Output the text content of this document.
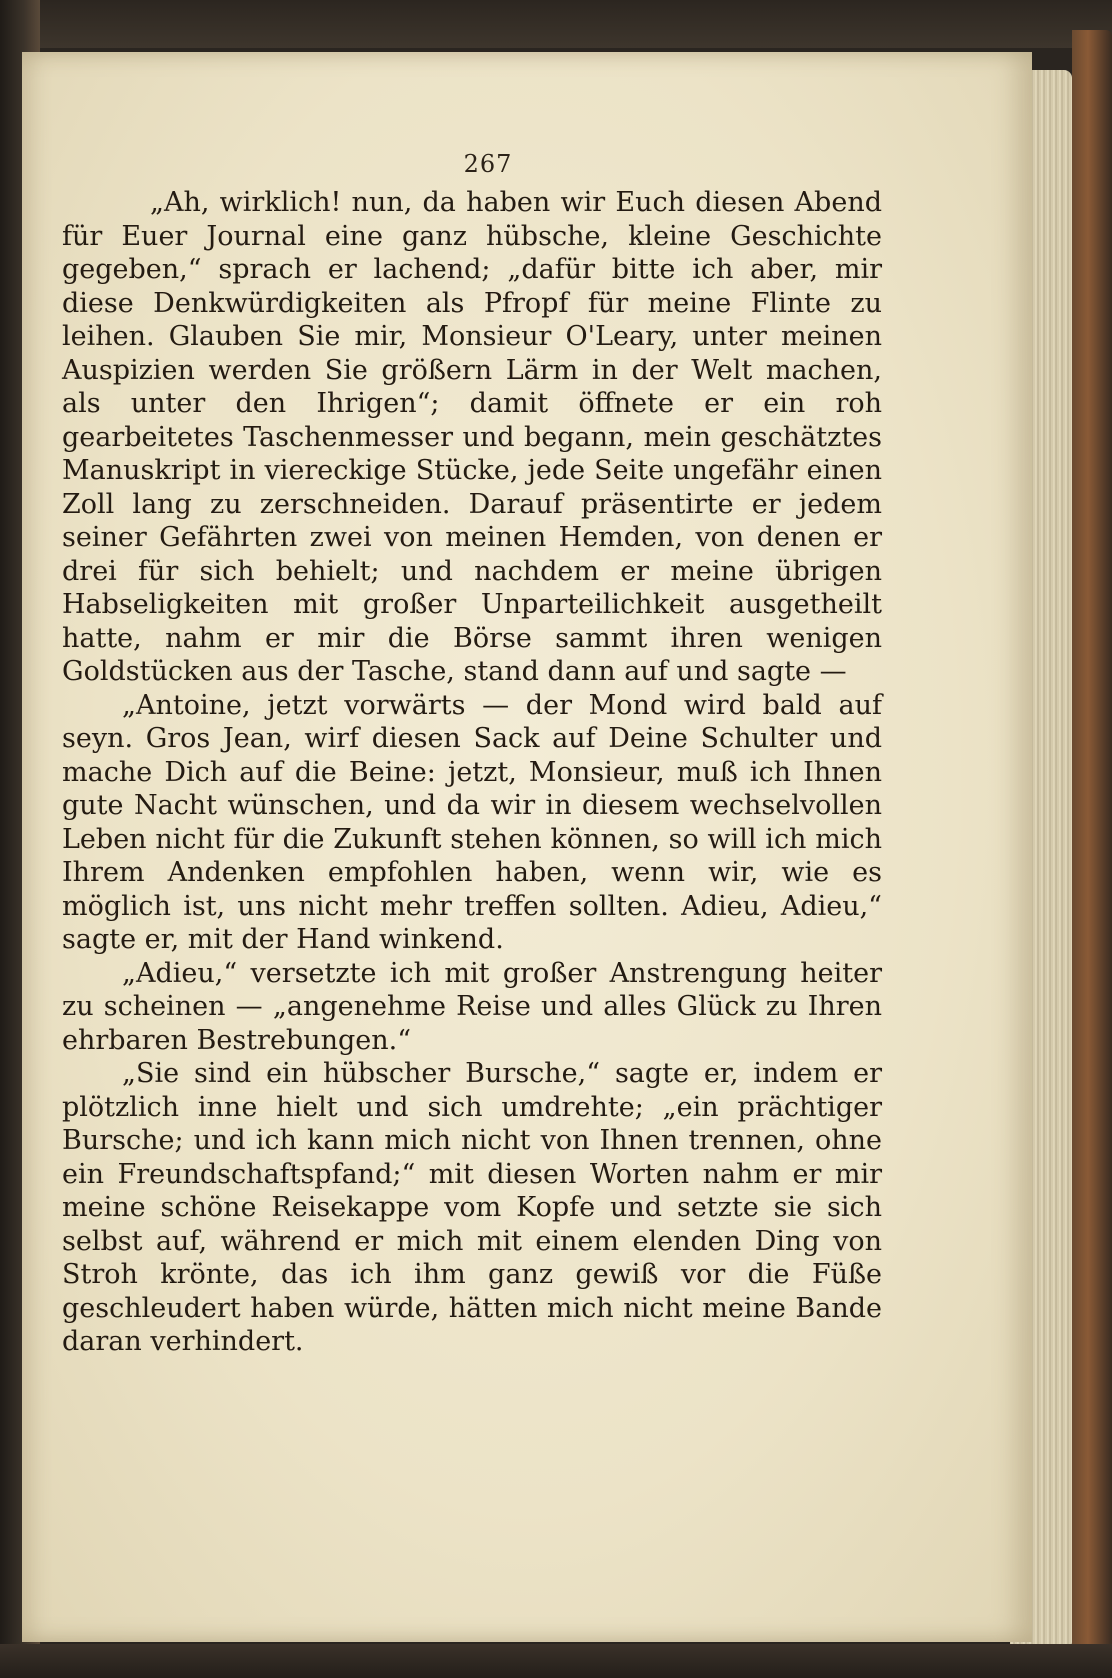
267

„Ah, wirklich! nun, da haben wir Euch diesen Abend für Euer Journal eine ganz hübsche, kleine Geschichte gegeben,“ sprach er lachend; „dafür bitte ich aber, mir diese Denkwürdigkeiten als Pfropf für meine Flinte zu leihen. Glauben Sie mir, Monsieur O'Leary, unter meinen Auspizien werden Sie größern Lärm in der Welt machen, als unter den Ihrigen“; damit öffnete er ein roh gearbeitetes Taschenmesser und begann, mein geschätztes Manuskript in viereckige Stücke, jede Seite ungefähr einen Zoll lang zu zerschneiden. Darauf präsentirte er jedem seiner Gefährten zwei von meinen Hemden, von denen er drei für sich behielt; und nachdem er meine übrigen Habseligkeiten mit großer Unparteilichkeit ausgetheilt hatte, nahm er mir die Börse sammt ihren wenigen Goldstücken aus der Tasche, stand dann auf und sagte —

„Antoine, jetzt vorwärts — der Mond wird bald auf seyn. Gros Jean, wirf diesen Sack auf Deine Schulter und mache Dich auf die Beine: jetzt, Monsieur, muß ich Ihnen gute Nacht wünschen, und da wir in diesem wechselvollen Leben nicht für die Zukunft stehen können, so will ich mich Ihrem Andenken empfohlen haben, wenn wir, wie es möglich ist, uns nicht mehr treffen sollten. Adieu, Adieu,“ sagte er, mit der Hand winkend.

„Adieu,“ versetzte ich mit großer Anstrengung heiter zu scheinen — „angenehme Reise und alles Glück zu Ihren ehrbaren Bestrebungen.“

„Sie sind ein hübscher Bursche,“ sagte er, indem er plötzlich inne hielt und sich umdrehte; „ein prächtiger Bursche; und ich kann mich nicht von Ihnen trennen, ohne ein Freundschaftspfand;“ mit diesen Worten nahm er mir meine schöne Reisekappe vom Kopfe und setzte sie sich selbst auf, während er mich mit einem elenden Ding von Stroh krönte, das ich ihm ganz gewiß vor die Füße geschleudert haben würde, hätten mich nicht meine Bande daran verhindert.
